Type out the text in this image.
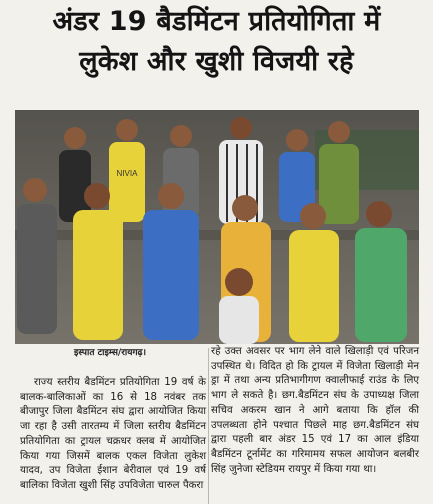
अंडर 19 बैडमिंटन प्रतियोगिता में
लुकेश और खुशी विजयी रहे
NIVIA
इस्पात टाइम्स/रायगढ़।
राज्य स्तरीय बैडमिंटन प्रतियोगिता 19 वर्ष के बालक-बालिकाओं का 16 से 18 नवंबर तक बीजापुर जिला बैडमिंटन संघ द्वारा आयोजित किया जा रहा है उसी तारतम्य में जिला स्तरीय बैडमिंटन प्रतियोगिता का ट्रायल चक्रधर क्लब में आयोजित किया गया जिसमें बालक एकल विजेता लुकेश यादव, उप विजेता ईशान बेरीवाल एवं 19 वर्ष बालिका विजेता खुशी सिंह उपविजेता चारुल पैकरा
रहे उक्त अवसर पर भाग लेने वाले खिलाड़ी एवं परिजन उपस्थित थे। विदित हो कि ट्रायल में विजेता खिलाड़ी मेन ड्रा में तथा अन्य प्रतिभागीगण क्वालीफाई राउंड के लिए भाग ले सकते है। छग.बैडमिंटन संघ के उपाध्यक्ष जिला सचिव अकरम खान ने आगे बताया कि हॉल की उपलब्धता होने पश्चात पिछले माह छग.बैडमिंटन संघ द्वारा पहली बार अंडर 15 एवं 17 का आल इंडिया बैडमिंटन टूर्नामेंट का गरिमामय सफल आयोजन बलबीर सिंह जुनेजा स्टेडियम रायपुर में किया गया था।
